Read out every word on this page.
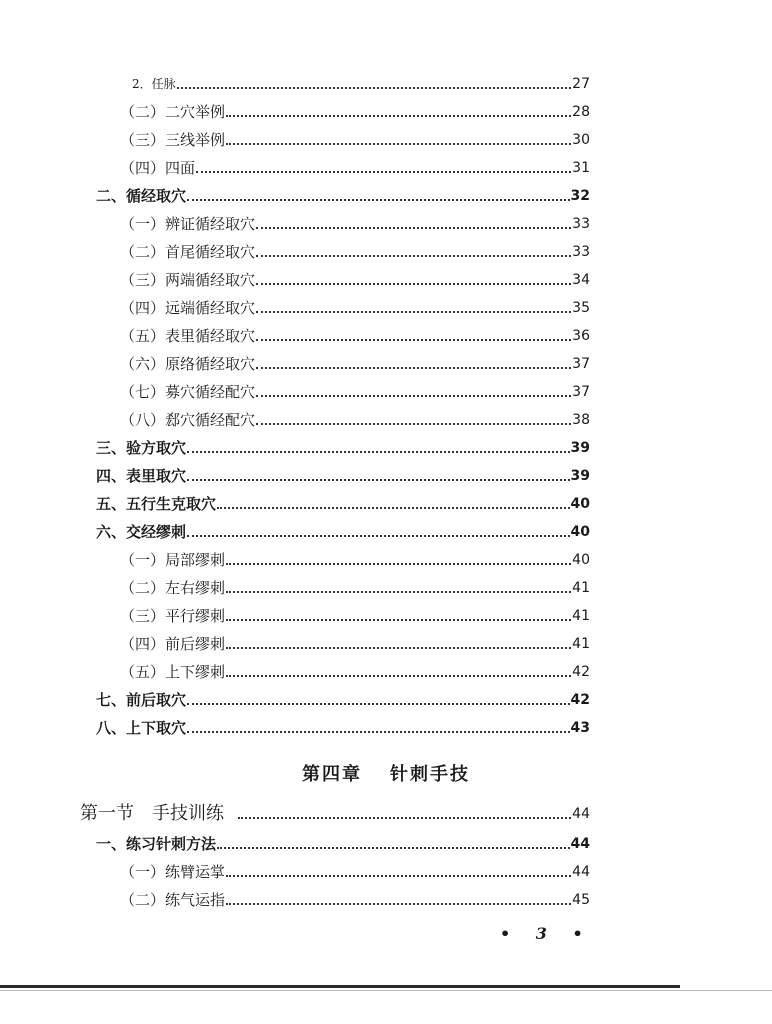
2．任脉	27
（二）二穴举例	28
（三）三线举例	30
（四）四面	31
二、循经取穴	32
（一）辨证循经取穴	33
（二）首尾循经取穴	33
（三）两端循经取穴	34
（四）远端循经取穴	35
（五）表里循经取穴	36
（六）原络循经取穴	37
（七）募穴循经配穴	37
（八）郄穴循经配穴	38
三、验方取穴	39
四、表里取穴	39
五、五行生克取穴	40
六、交经缪刺	40
（一）局部缪刺	40
（二）左右缪刺	41
（三）平行缪刺	41
（四）前后缪刺	41
（五）上下缪刺	42
七、前后取穴	42
八、上下取穴	43
第四章 针刺手技
第一节　手技训练	44
一、练习针刺方法	44
（一）练臂运掌	44
（二）练气运指	45
• 3 •
